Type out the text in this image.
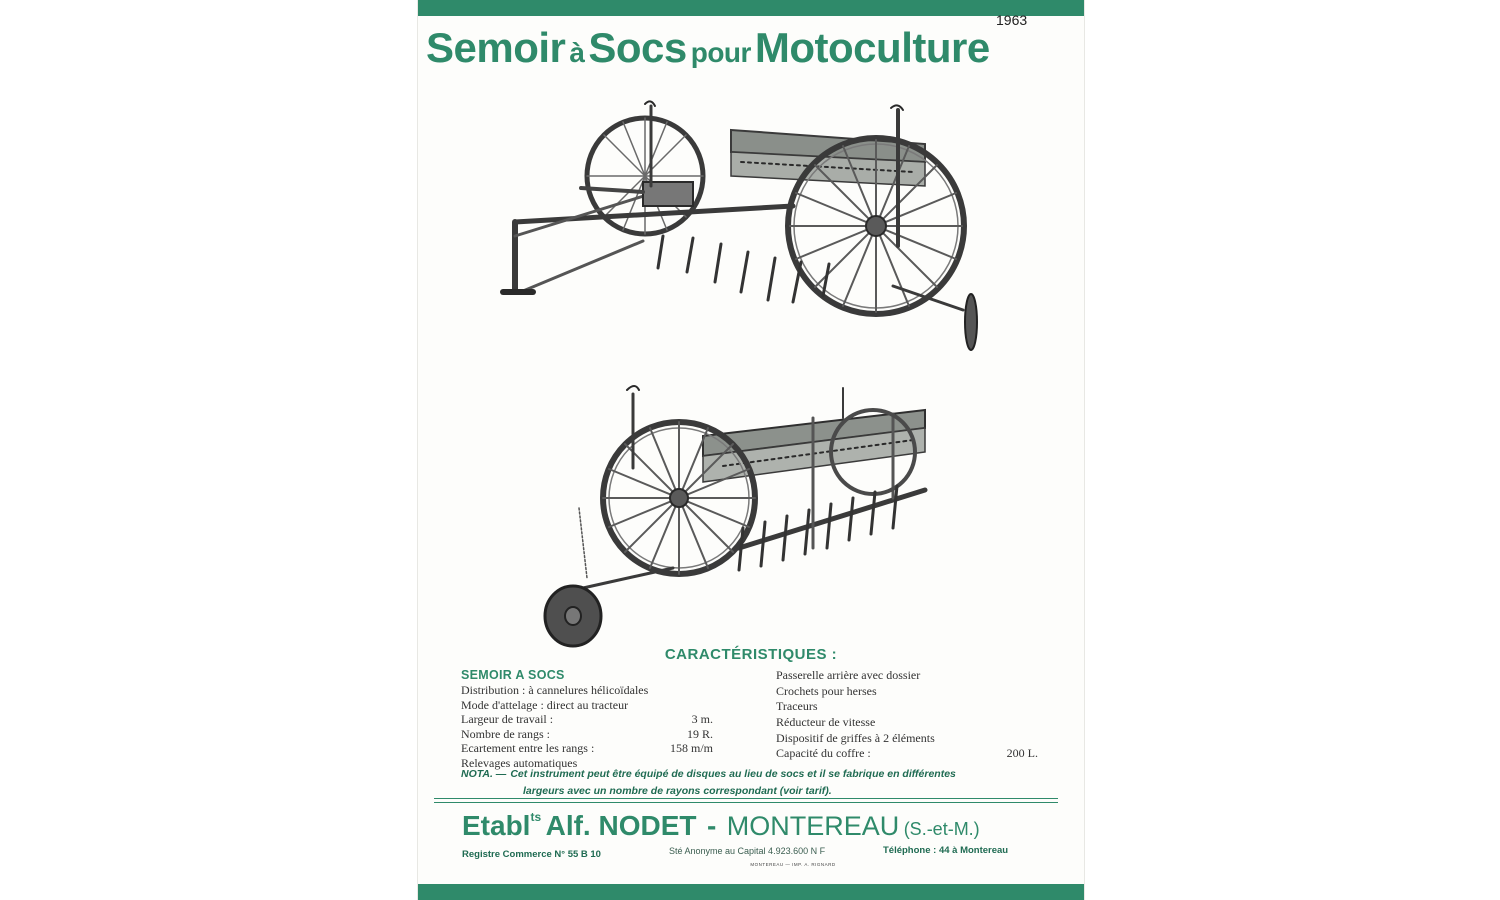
1963
Semoir à Socs pour Motoculture
CARACTÉRISTIQUES :
SEMOIR A SOCS
Distribution : à cannelures hélicoïdales
Mode d'attelage : direct au tracteur
Largeur de travail :	3 m.
Nombre de rangs :	19 R.
Ecartement entre les rangs :	158 m/m
Relevages automatiques
Passerelle arrière avec dossier
Crochets pour herses
Traceurs
Réducteur de vitesse
Dispositif de griffes à 2 éléments
Capacité du coffre :	200 L.
NOTA. — Cet instrument peut être équipé de disques au lieu de socs et il se fabrique en différentes
largeurs avec un nombre de rayons correspondant (voir tarif).
Etabl$^{ts}$ Alf. NODET - MONTEREAU (S.-et-M.)
Registre Commerce N° 55 B 10	Sté Anonyme au Capital 4.923.600 N F	Téléphone : 44 à Montereau
MONTEREAU — IMP. A. RIGNARD
